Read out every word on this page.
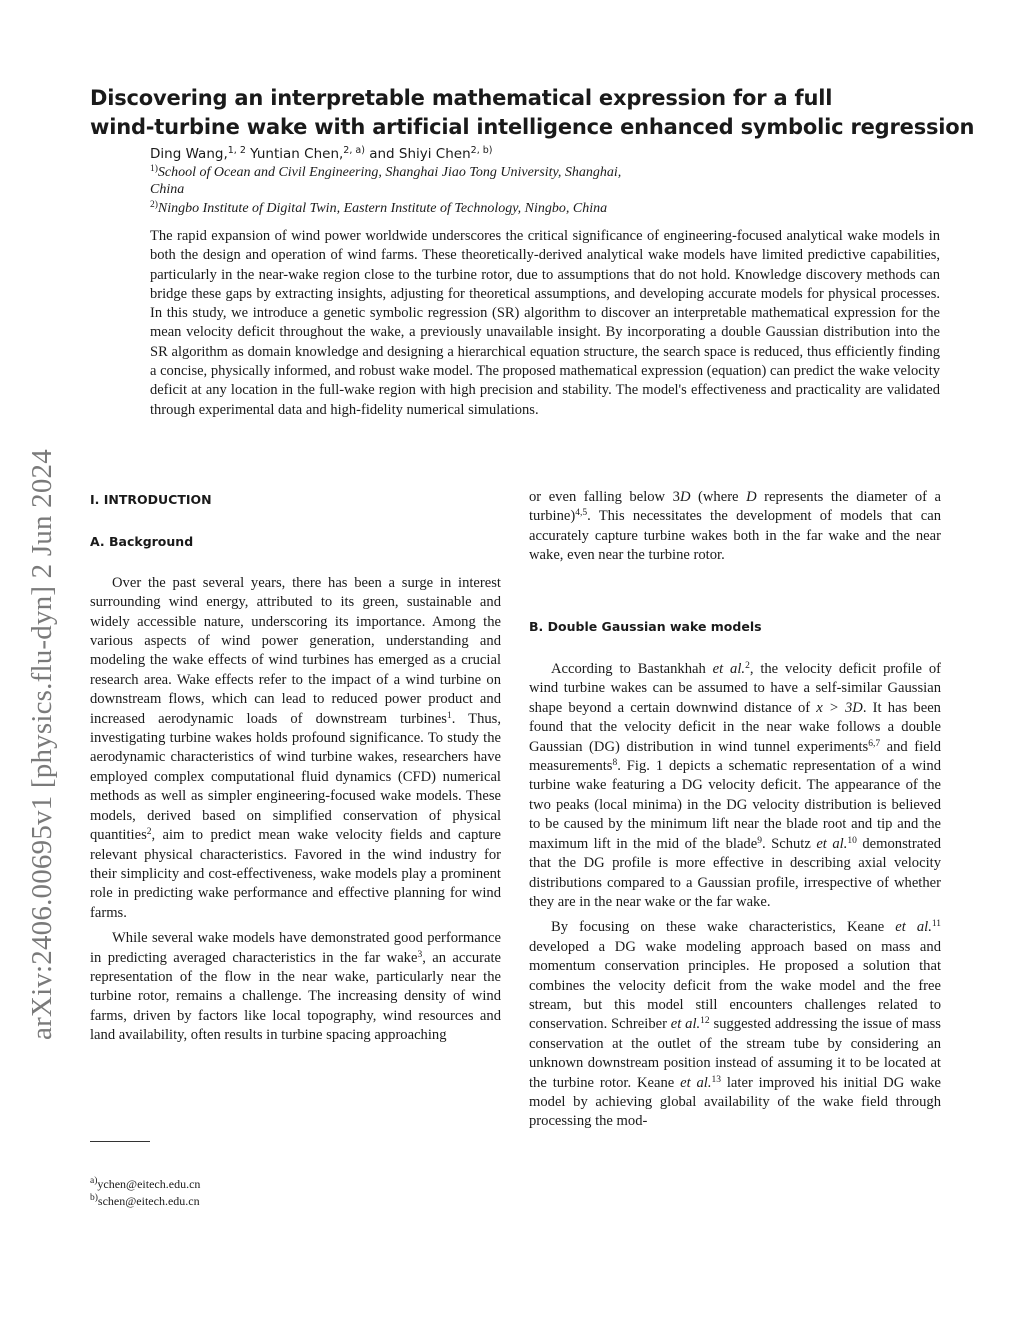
arXiv:2406.00695v1 [physics.flu-dyn] 2 Jun 2024
Discovering an interpretable mathematical expression for a full
wind-turbine wake with artificial intelligence enhanced symbolic regression
Ding Wang,$^{1, 2}$ Yuntian Chen,$^{2, a)}$ and Shiyi Chen$^{2, b)}$
$^{1)}$School of Ocean and Civil Engineering, Shanghai Jiao Tong University, Shanghai,
China
$^{2)}$Ningbo Institute of Digital Twin, Eastern Institute of Technology, Ningbo, China
The rapid expansion of wind power worldwide underscores the critical significance of engineering-focused analytical wake models in both the design and operation of wind farms. These theoretically-derived analytical wake models have limited predictive capabilities, particularly in the near-wake region close to the turbine rotor, due to assumptions that do not hold. Knowledge discovery methods can bridge these gaps by extracting insights, adjusting for theoretical assumptions, and developing accurate models for physical processes. In this study, we introduce a genetic symbolic regression (SR) algorithm to discover an interpretable mathematical expression for the mean velocity deficit throughout the wake, a previously unavailable insight. By incorporating a double Gaussian distribution into the SR algorithm as domain knowledge and designing a hierarchical equation structure, the search space is reduced, thus efficiently finding a concise, physically informed, and robust wake model. The proposed mathematical expression (equation) can predict the wake velocity deficit at any location in the full-wake region with high precision and stability. The model's effectiveness and practicality are validated through experimental data and high-fidelity numerical simulations.
I. INTRODUCTION
A. Background

Over the past several years, there has been a surge in interest surrounding wind energy, attributed to its green, sustainable and widely accessible nature, underscoring its importance. Among the various aspects of wind power generation, understanding and modeling the wake effects of wind turbines has emerged as a crucial research area. Wake effects refer to the impact of a wind turbine on downstream flows, which can lead to reduced power product and increased aerodynamic loads of downstream turbines$^1$. Thus, investigating turbine wakes holds profound significance. To study the aerodynamic characteristics of wind turbine wakes, researchers have employed complex computational fluid dynamics (CFD) numerical methods as well as simpler engineering-focused wake models. These models, derived based on simplified conservation of physical quantities$^2$, aim to predict mean wake velocity fields and capture relevant physical characteristics. Favored in the wind industry for their simplicity and cost-effectiveness, wake models play a prominent role in predicting wake performance and effective planning for wind farms.

While several wake models have demonstrated good performance in predicting averaged characteristics in the far wake$^3$, an accurate representation of the flow in the near wake, particularly near the turbine rotor, remains a challenge. The increasing density of wind farms, driven by factors like local topography, wind resources and land availability, often results in turbine spacing approaching

$^{a)}$ychen@eitech.edu.cn
$^{b)}$schen@eitech.edu.cn

or even falling below 3D (where D represents the diameter of a turbine)$^{4,5}$. This necessitates the development of models that can accurately capture turbine wakes both in the far wake and the near wake, even near the turbine rotor.

B. Double Gaussian wake models

According to Bastankhah et al.$^2$, the velocity deficit profile of wind turbine wakes can be assumed to have a self-similar Gaussian shape beyond a certain downwind distance of x > 3D. It has been found that the velocity deficit in the near wake follows a double Gaussian (DG) distribution in wind tunnel experiments$^{6,7}$ and field measurements$^8$. Fig. 1 depicts a schematic representation of a wind turbine wake featuring a DG velocity deficit. The appearance of the two peaks (local minima) in the DG velocity distribution is believed to be caused by the minimum lift near the blade root and tip and the maximum lift in the mid of the blade$^9$. Schutz et al.$^{10}$ demonstrated that the DG profile is more effective in describing axial velocity distributions compared to a Gaussian profile, irrespective of whether they are in the near wake or the far wake.

By focusing on these wake characteristics, Keane et al.$^{11}$ developed a DG wake modeling approach based on mass and momentum conservation principles. He proposed a solution that combines the velocity deficit from the wake model and the free stream, but this model still encounters challenges related to conservation. Schreiber et al.$^{12}$ suggested addressing the issue of mass conservation at the outlet of the stream tube by considering an unknown downstream position instead of assuming it to be located at the turbine rotor. Keane et al.$^{13}$ later improved his initial DG wake model by achieving global availability of the wake field through processing the mod-
